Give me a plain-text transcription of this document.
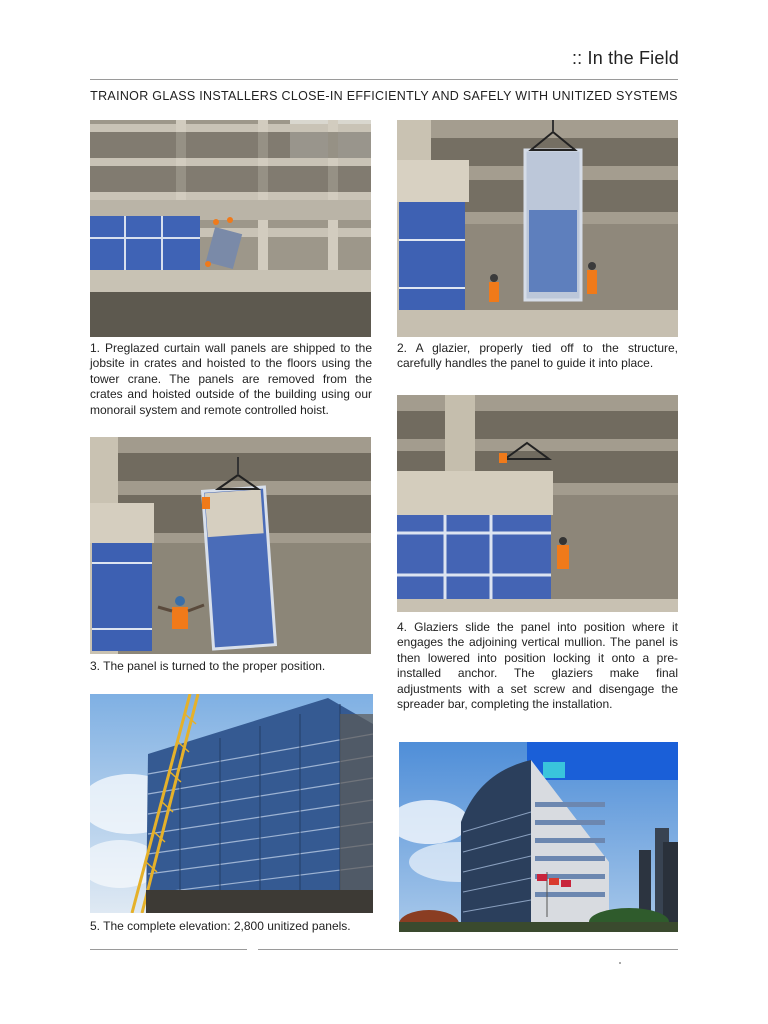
:: In the Field
TRAINOR GLASS INSTALLERS CLOSE-IN EFFICIENTLY AND SAFELY WITH UNITIZED SYSTEMS
1. Preglazed curtain wall panels are shipped to the jobsite in crates and hoisted to the floors using the tower crane. The panels are removed from the crates and hoisted outside of the building using our monorail system and remote controlled hoist.
2. A glazier, properly tied off to the structure, carefully handles the panel to guide it into place.
3. The panel is turned to the proper position.
4. Glaziers slide the panel into position where it engages the adjoining vertical mullion. The panel is then lowered into position locking it onto a pre-installed anchor. The glaziers make final adjustments with a set screw and disengage the spreader bar, completing the installation.
5. The complete elevation: 2,800 unitized panels.
